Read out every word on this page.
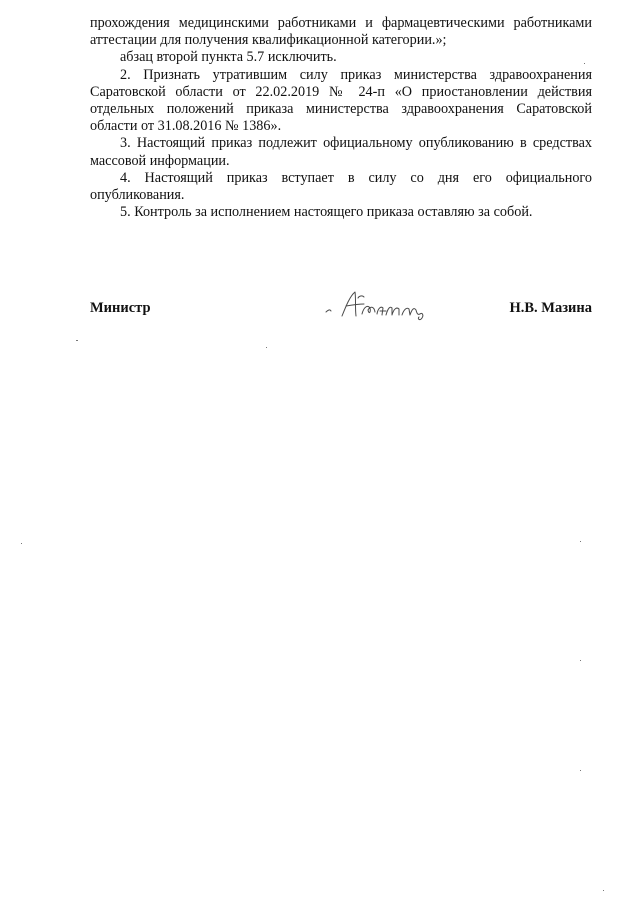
прохождения медицинскими работниками и фармацевтическими работниками аттестации для получения квалификационной категории.»;

абзац второй пункта 5.7 исключить.

2. Признать утратившим силу приказ министерства здравоохранения Саратовской области от 22.02.2019 № 24-п «О приостановлении действия отдельных положений приказа министерства здравоохранения Саратовской области от 31.08.2016 № 1386».

3. Настоящий приказ подлежит официальному опубликованию в средствах массовой информации.

4. Настоящий приказ вступает в силу со дня его официального опубликования.

5. Контроль за исполнением настоящего приказа оставляю за собой.

Министр	Н.В. Мазина
